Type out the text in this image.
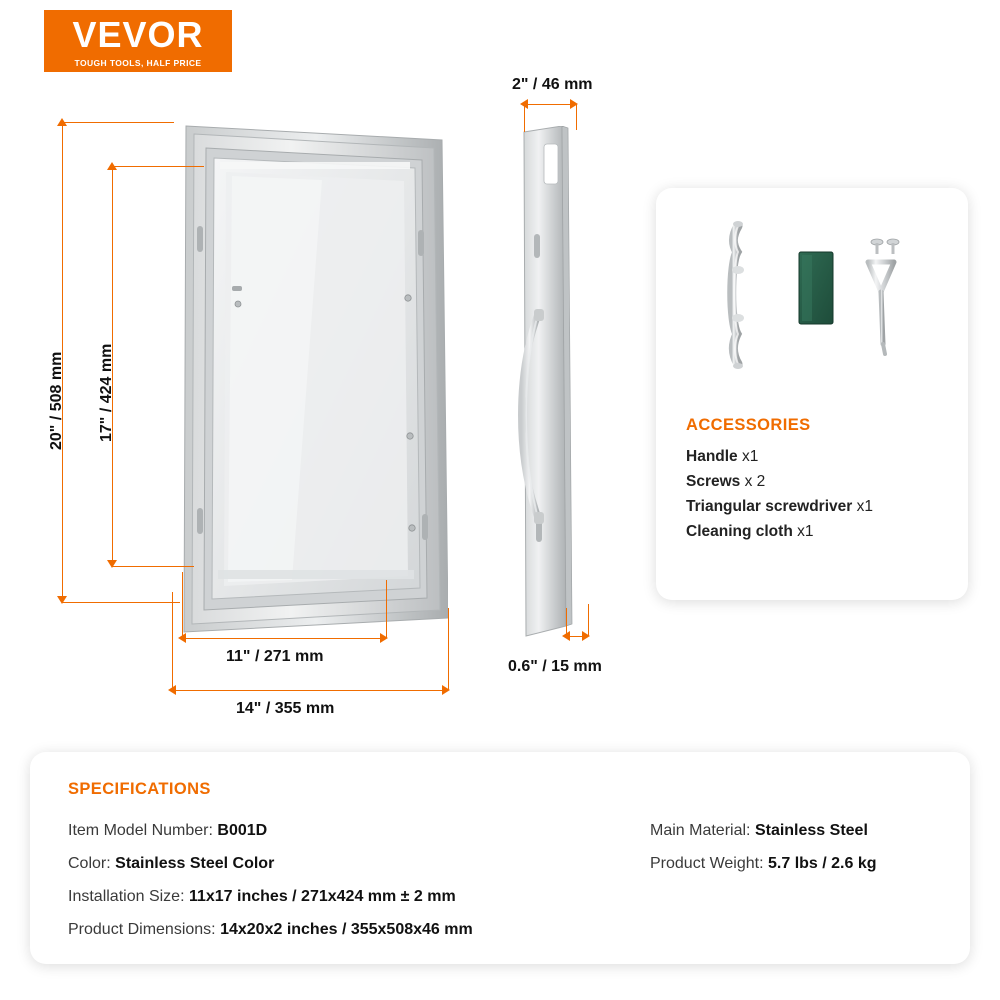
VEVOR
TOUGH TOOLS, HALF PRICE
20" / 508 mm 17" / 424 mm
11" / 271 mm
14" / 355 mm
2" / 46 mm
0.6" / 15 mm
ACCESSORIES
Handle x1
Screws x 2
Triangular screwdriver x1
Cleaning cloth x1
SPECIFICATIONS
Item Model Number: B001D
Color: Stainless Steel Color
Installation Size: 11x17 inches / 271x424 mm ± 2 mm
Product Dimensions: 14x20x2 inches / 355x508x46 mm
Main Material: Stainless Steel
Product Weight: 5.7 lbs / 2.6 kg
